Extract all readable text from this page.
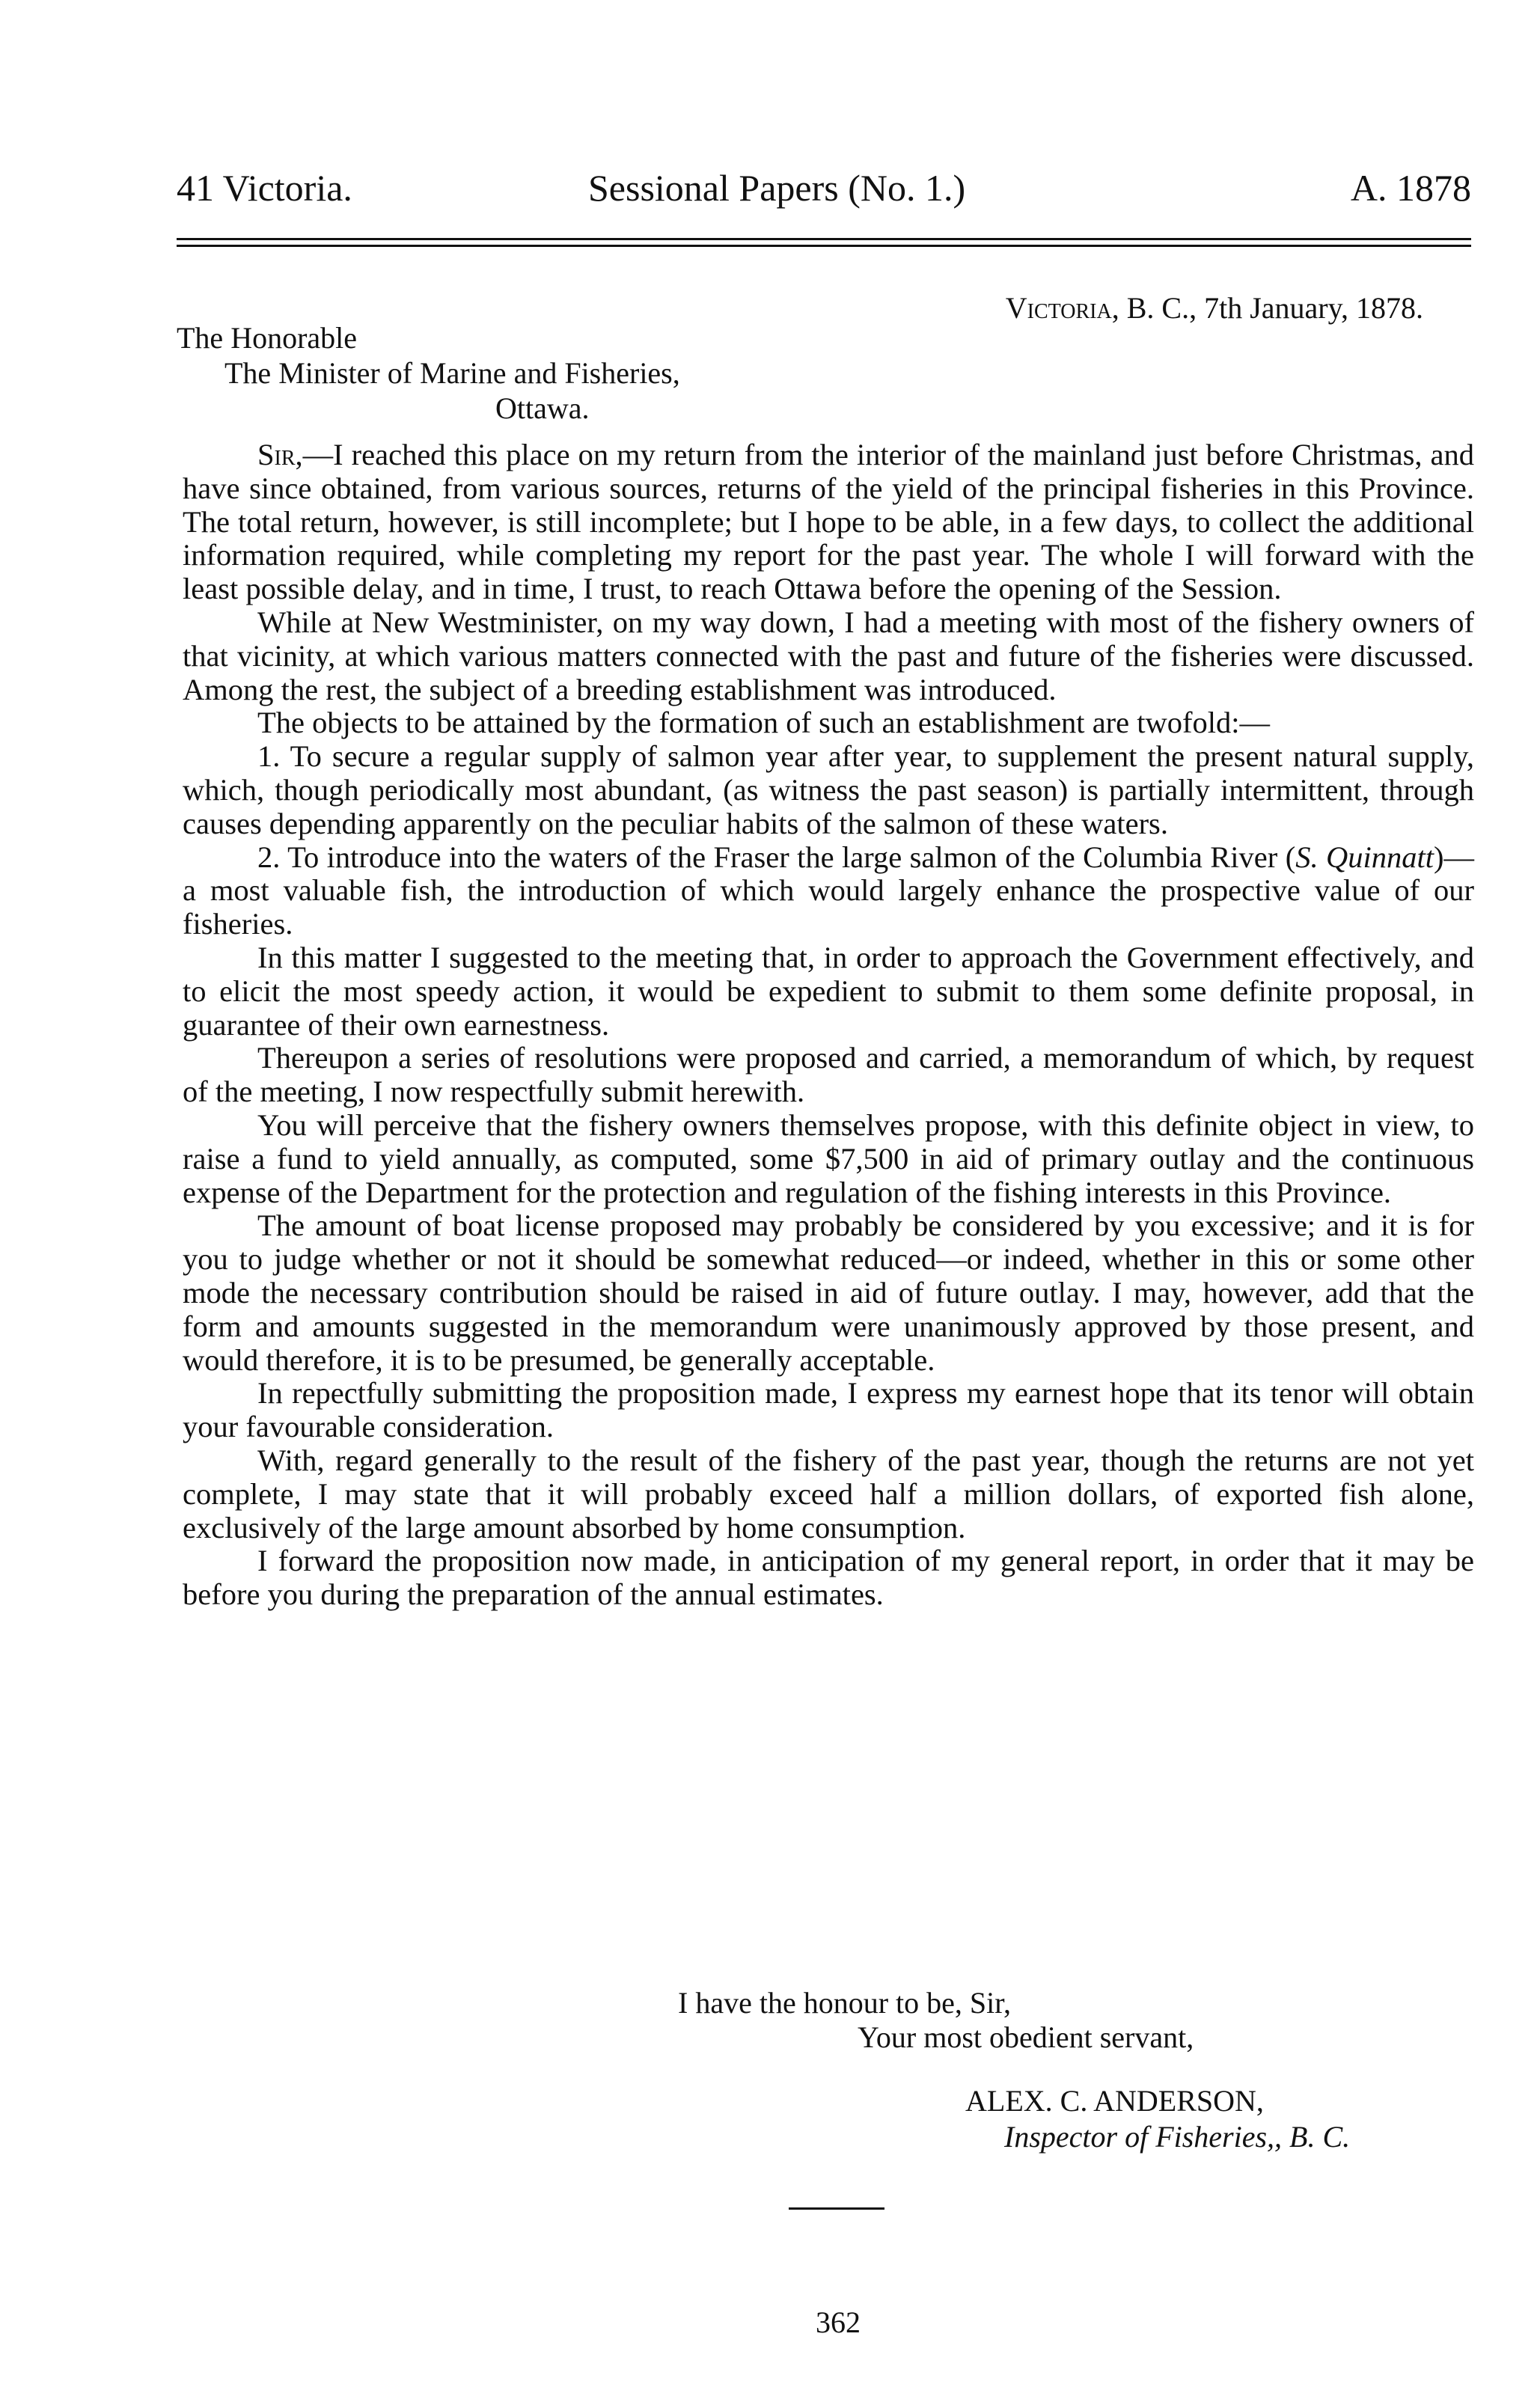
41 Victoria.	Sessional Papers (No. 1.)	A. 1878
Victoria, B. C., 7th January, 1878.
The Honorable
The Minister of Marine and Fisheries,
Ottawa.

Sir,—I reached this place on my return from the interior of the mainland just before Christmas, and have since obtained, from various sources, returns of the yield of the principal fisheries in this Province. The total return, however, is still incomplete; but I hope to be able, in a few days, to collect the additional information required, while completing my report for the past year. The whole I will forward with the least possible delay, and in time, I trust, to reach Ottawa before the opening of the Session.

While at New Westminister, on my way down, I had a meeting with most of the fishery owners of that vicinity, at which various matters connected with the past and future of the fisheries were discussed. Among the rest, the subject of a breeding establishment was introduced.

The objects to be attained by the formation of such an establishment are twofold:—

1. To secure a regular supply of salmon year after year, to supplement the present natural supply, which, though periodically most abundant, (as witness the past season) is partially intermittent, through causes depending apparently on the peculiar habits of the salmon of these waters.

2. To introduce into the waters of the Fraser the large salmon of the Columbia River (S. Quinnatt)—a most valuable fish, the introduction of which would largely enhance the prospective value of our fisheries.

In this matter I suggested to the meeting that, in order to approach the Government effectively, and to elicit the most speedy action, it would be expedient to submit to them some definite proposal, in guarantee of their own earnestness.

Thereupon a series of resolutions were proposed and carried, a memorandum of which, by request of the meeting, I now respectfully submit herewith.

You will perceive that the fishery owners themselves propose, with this definite object in view, to raise a fund to yield annually, as computed, some $7,500 in aid of primary outlay and the continuous expense of the Department for the protection and regulation of the fishing interests in this Province.

The amount of boat license proposed may probably be considered by you excessive; and it is for you to judge whether or not it should be somewhat reduced—or indeed, whether in this or some other mode the necessary contribution should be raised in aid of future outlay. I may, however, add that the form and amounts suggested in the memorandum were unanimously approved by those present, and would therefore, it is to be presumed, be generally acceptable.

In repectfully submitting the proposition made, I express my earnest hope that its tenor will obtain your favourable consideration.

With, regard generally to the result of the fishery of the past year, though the returns are not yet complete, I may state that it will probably exceed half a million dollars, of exported fish alone, exclusively of the large amount absorbed by home consumption.

I forward the proposition now made, in anticipation of my general report, in order that it may be before you during the preparation of the annual estimates.

I have the honour to be, Sir,
Your most obedient servant,
ALEX. C. ANDERSON,
Inspector of Fisheries,, B. C.
362
